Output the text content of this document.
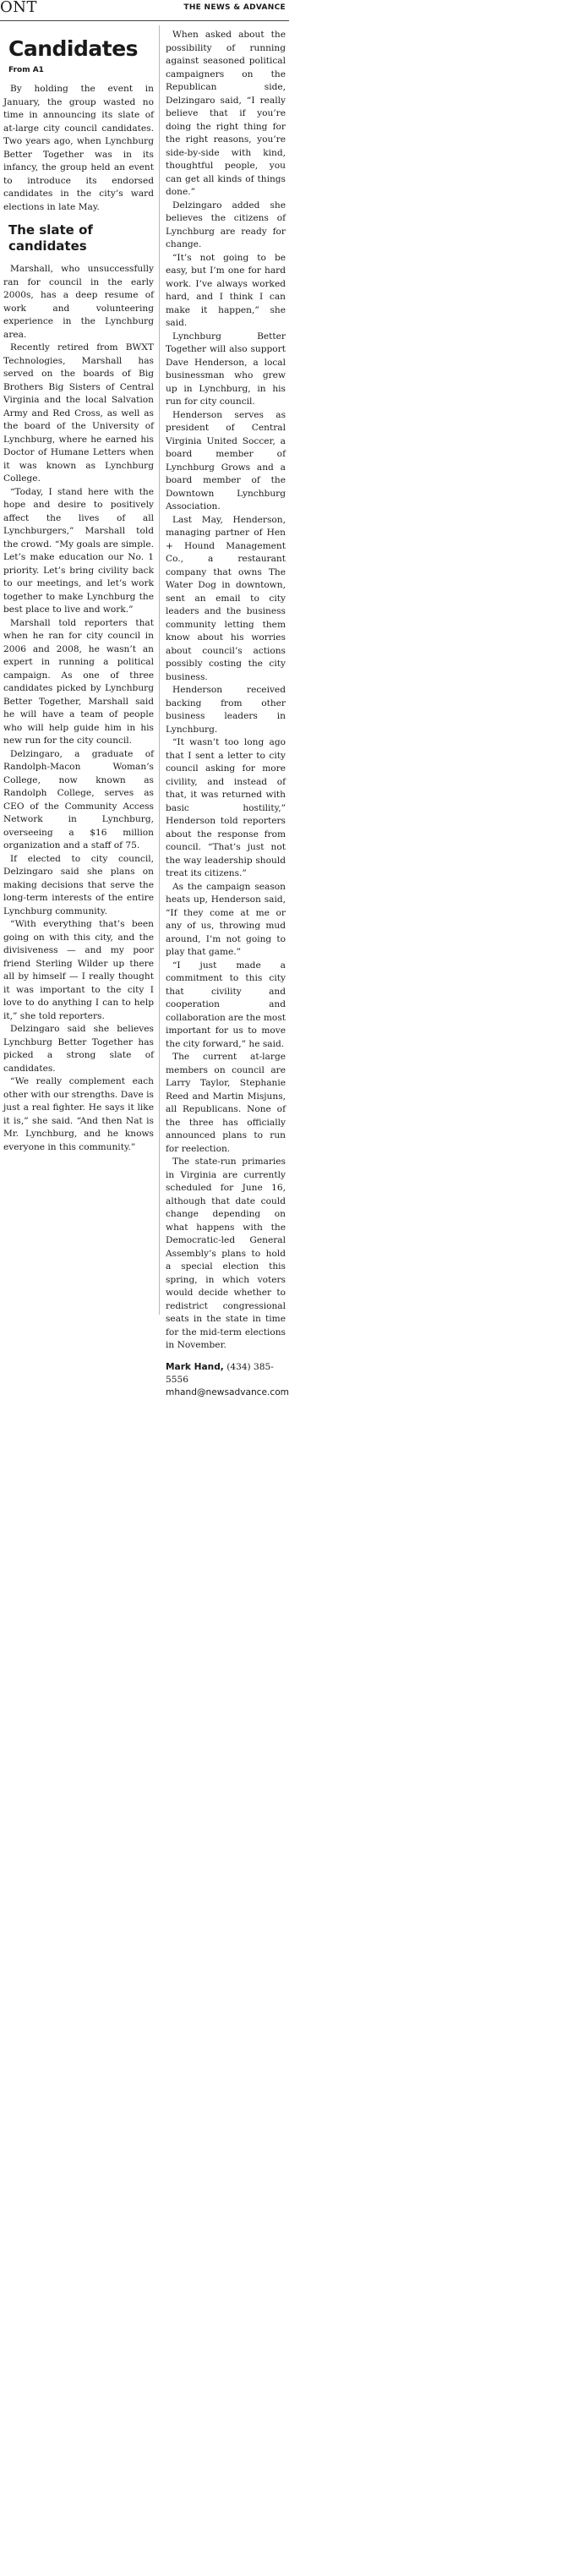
ONT	THE NEWS & ADVANCE
Candidates
From A1

By holding the event in January, the group wasted no time in announcing its slate of at-large city council candidates. Two years ago, when Lynchburg Better Together was in its infancy, the group held an event to introduce its endorsed candidates in the city’s ward elections in late May.

The slate of candidates

Marshall, who unsuccessfully ran for council in the early 2000s, has a deep resume of work and volunteering experience in the Lynchburg area.

Recently retired from BWXT Technologies, Marshall has served on the boards of Big Brothers Big Sisters of Central Virginia and the local Salvation Army and Red Cross, as well as the board of the University of Lynchburg, where he earned his Doctor of Humane Letters when it was known as Lynchburg College.

“Today, I stand here with the hope and desire to positively affect the lives of all Lynchburgers,” Marshall told the crowd. “My goals are simple. Let’s make education our No. 1 priority. Let’s bring civility back to our meetings, and let’s work together to make Lynchburg the best place to live and work.”

Marshall told reporters that when he ran for city council in 2006 and 2008, he wasn’t an expert in running a political campaign. As one of three candidates picked by Lynchburg Better Together, Marshall said he will have a team of people who will help guide him in his new run for the city council.

Delzingaro, a graduate of Randolph-Macon Woman’s College, now known as Randolph College, serves as CEO of the Community Access Network in Lynchburg, overseeing a $16 million organization and a staff of 75.

If elected to city council, Delzingaro said she plans on making decisions that serve the long-term interests of the entire Lynchburg community.

“With everything that’s been going on with this city, and the divisiveness — and my poor friend Sterling Wilder up there all by himself — I really thought it was important to the city I love to do anything I can to help it,” she told reporters.

Delzingaro said she believes Lynchburg Better Together has picked a strong slate of candidates.

“We really complement each other with our strengths. Dave is just a real fighter. He says it like it is,” she said. “And then Nat is Mr. Lynchburg, and he knows everyone in this community.”

When asked about the possibility of running against seasoned political campaigners on the Republican side, Delzingaro said, “I really believe that if you’re doing the right thing for the right reasons, you’re side-by-side with kind, thoughtful people, you can get all kinds of things done.”

Delzingaro added she believes the citizens of Lynchburg are ready for change.

“It’s not going to be easy, but I’m one for hard work. I’ve always worked hard, and I think I can make it happen,” she said.

Lynchburg Better Together will also support Dave Henderson, a local businessman who grew up in Lynchburg, in his run for city council.

Henderson serves as president of Central Virginia United Soccer, a board member of Lynchburg Grows and a board member of the Downtown Lynchburg Association.

Last May, Henderson, managing partner of Hen + Hound Management Co., a restaurant company that owns The Water Dog in downtown, sent an email to city leaders and the business community letting them know about his worries about council’s actions possibly costing the city business.

Henderson received backing from other business leaders in Lynchburg.

“It wasn’t too long ago that I sent a letter to city council asking for more civility, and instead of that, it was returned with basic hostility,” Henderson told reporters about the response from council. “That’s just not the way leadership should treat its citizens.”

As the campaign season heats up, Henderson said, “If they come at me or any of us, throwing mud around, I’m not going to play that game.”

“I just made a commitment to this city that civility and cooperation and collaboration are the most important for us to move the city forward,” he said.

The current at-large members on council are Larry Taylor, Stephanie Reed and Martin Misjuns, all Republicans. None of the three has officially announced plans to run for reelection.

The state-run primaries in Virginia are currently scheduled for June 16, although that date could change depending on what happens with the Democratic-led General Assembly’s plans to hold a special election this spring, in which voters would decide whether to redistrict congressional seats in the state in time for the mid-term elections in November.

Mark Hand, (434) 385-5556
mhand@newsadvance.com
